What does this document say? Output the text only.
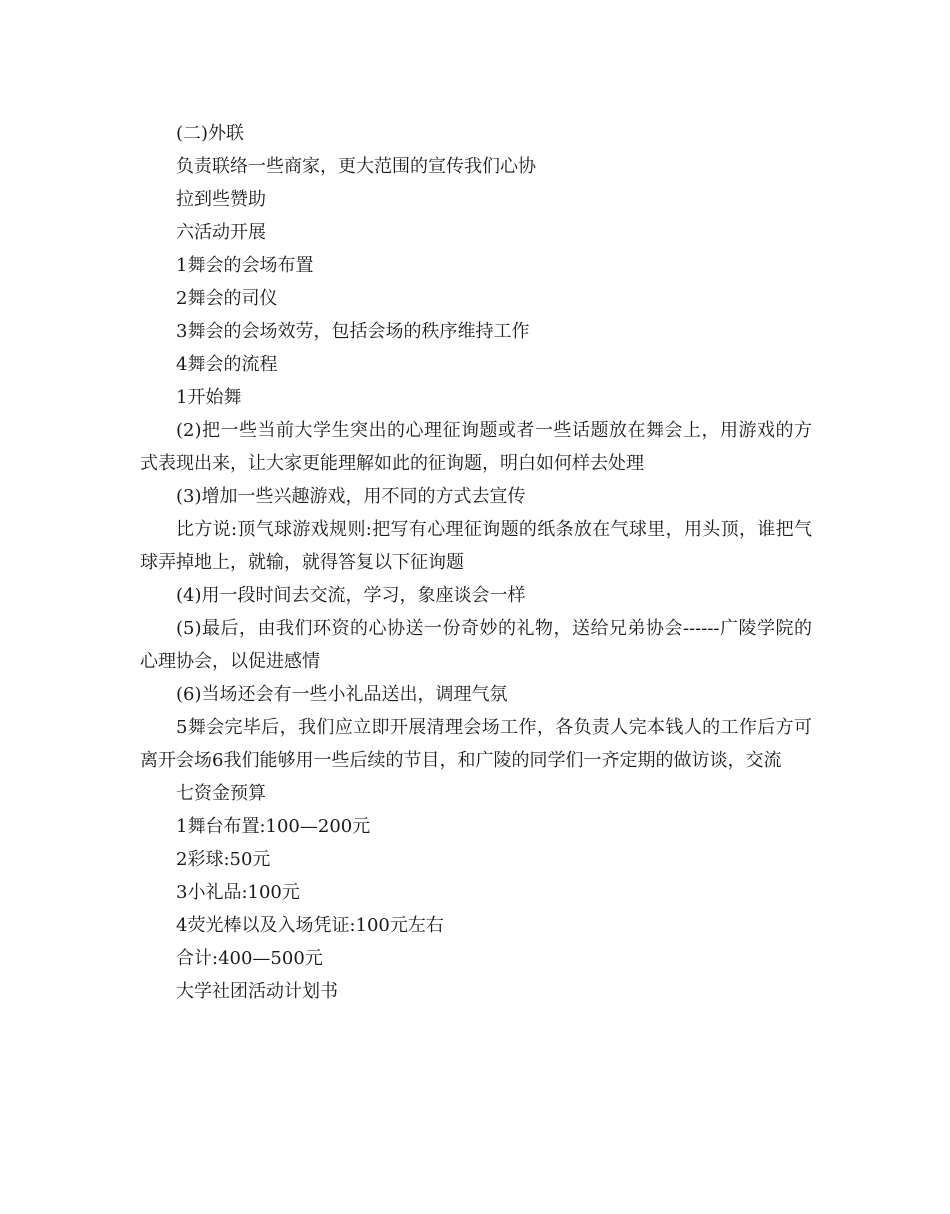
(二)外联

负责联络一些商家，更大范围的宣传我们心协

拉到些赞助

六活动开展

1舞会的会场布置

2舞会的司仪

3舞会的会场效劳，包括会场的秩序维持工作

4舞会的流程

1开始舞

(2)把一些当前大学生突出的心理征询题或者一些话题放在舞会上，用游戏的方式表现出来，让大家更能理解如此的征询题，明白如何样去处理

(3)增加一些兴趣游戏，用不同的方式去宣传

比方说:顶气球游戏规则:把写有心理征询题的纸条放在气球里，用头顶，谁把气球弄掉地上，就输，就得答复以下征询题

(4)用一段时间去交流，学习，象座谈会一样

(5)最后，由我们环资的心协送一份奇妙的礼物，送给兄弟协会------广陵学院的心理协会，以促进感情

(6)当场还会有一些小礼品送出，调理气氛

5舞会完毕后，我们应立即开展清理会场工作，各负责人完本钱人的工作后方可离开会场6我们能够用一些后续的节目，和广陵的同学们一齐定期的做访谈，交流

七资金预算

1舞台布置:100—200元

2彩球:50元

3小礼品:100元

4荧光棒以及入场凭证:100元左右

合计:400—500元

大学社团活动计划书
